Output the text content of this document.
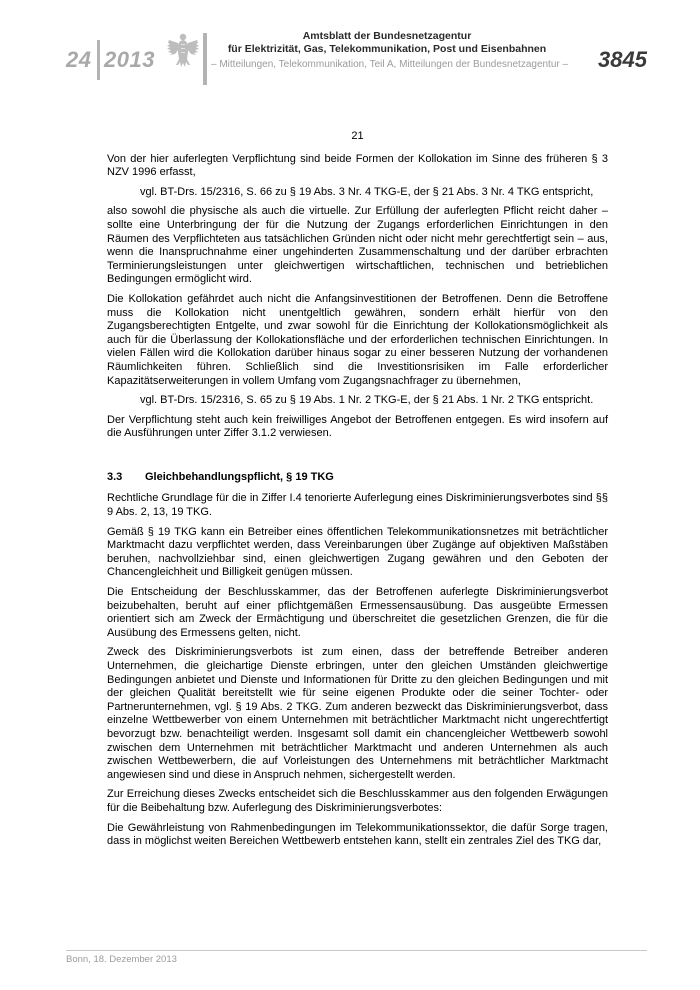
24 2013
Amtsblatt der Bundesnetzagentur
für Elektrizität, Gas, Telekommunikation, Post und Eisenbahnen
– Mitteilungen, Telekommunikation, Teil A, Mitteilungen der Bundesnetzagentur – 3845
21

Von der hier auferlegten Verpflichtung sind beide Formen der Kollokation im Sinne des früheren § 3 NZV 1996 erfasst,

vgl. BT-Drs. 15/2316, S. 66 zu § 19 Abs. 3 Nr. 4 TKG-E, der § 21 Abs. 3 Nr. 4 TKG entspricht,

also sowohl die physische als auch die virtuelle. Zur Erfüllung der auferlegten Pflicht reicht daher – sollte eine Unterbringung der für die Nutzung der Zugangs erforderlichen Einrichtungen in den Räumen des Verpflichteten aus tatsächlichen Gründen nicht oder nicht mehr gerechtfertigt sein – aus, wenn die Inanspruchnahme einer ungehinderten Zusammenschaltung und der darüber erbrachten Terminierungsleistungen unter gleichwertigen wirtschaftlichen, technischen und betrieblichen Bedingungen ermöglicht wird.

Die Kollokation gefährdet auch nicht die Anfangsinvestitionen der Betroffenen. Denn die Betroffene muss die Kollokation nicht unentgeltlich gewähren, sondern erhält hierfür von den Zugangsberechtigten Entgelte, und zwar sowohl für die Einrichtung der Kollokationsmöglichkeit als auch für die Überlassung der Kollokationsfläche und der erforderlichen technischen Einrichtungen. In vielen Fällen wird die Kollokation darüber hinaus sogar zu einer besseren Nutzung der vorhandenen Räumlichkeiten führen. Schließlich sind die Investitionsrisiken im Falle erforderlicher Kapazitätserweiterungen in vollem Umfang vom Zugangsnachfrager zu übernehmen,

vgl. BT-Drs. 15/2316, S. 65 zu § 19 Abs. 1 Nr. 2 TKG-E, der § 21 Abs. 1 Nr. 2 TKG entspricht.

Der Verpflichtung steht auch kein freiwilliges Angebot der Betroffenen entgegen. Es wird insofern auf die Ausführungen unter Ziffer 3.1.2 verwiesen.

3.3	Gleichbehandlungspflicht, § 19 TKG

Rechtliche Grundlage für die in Ziffer I.4 tenorierte Auferlegung eines Diskriminierungsverbotes sind §§ 9 Abs. 2, 13, 19 TKG.

Gemäß § 19 TKG kann ein Betreiber eines öffentlichen Telekommunikationsnetzes mit beträchtlicher Marktmacht dazu verpflichtet werden, dass Vereinbarungen über Zugänge auf objektiven Maßstäben beruhen, nachvollziehbar sind, einen gleichwertigen Zugang gewähren und den Geboten der Chancengleichheit und Billigkeit genügen müssen.

Die Entscheidung der Beschlusskammer, das der Betroffenen auferlegte Diskriminierungsverbot beizubehalten, beruht auf einer pflichtgemäßen Ermessensausübung. Das ausgeübte Ermessen orientiert sich am Zweck der Ermächtigung und überschreitet die gesetzlichen Grenzen, die für die Ausübung des Ermessens gelten, nicht.

Zweck des Diskriminierungsverbots ist zum einen, dass der betreffende Betreiber anderen Unternehmen, die gleichartige Dienste erbringen, unter den gleichen Umständen gleichwertige Bedingungen anbietet und Dienste und Informationen für Dritte zu den gleichen Bedingungen und mit der gleichen Qualität bereitstellt wie für seine eigenen Produkte oder die seiner Tochter- oder Partnerunternehmen, vgl. § 19 Abs. 2 TKG. Zum anderen bezweckt das Diskriminierungsverbot, dass einzelne Wettbewerber von einem Unternehmen mit beträchtlicher Marktmacht nicht ungerechtfertigt bevorzugt bzw. benachteiligt werden. Insgesamt soll damit ein chancengleicher Wettbewerb sowohl zwischen dem Unternehmen mit beträchtlicher Marktmacht und anderen Unternehmen als auch zwischen Wettbewerbern, die auf Vorleistungen des Unternehmens mit beträchtlicher Marktmacht angewiesen sind und diese in Anspruch nehmen, sichergestellt werden.

Zur Erreichung dieses Zwecks entscheidet sich die Beschlusskammer aus den folgenden Erwägungen für die Beibehaltung bzw. Auferlegung des Diskriminierungsverbotes:

Die Gewährleistung von Rahmenbedingungen im Telekommunikationssektor, die dafür Sorge tragen, dass in möglichst weiten Bereichen Wettbewerb entstehen kann, stellt ein zentrales Ziel des TKG dar,

Bonn, 18. Dezember 2013
